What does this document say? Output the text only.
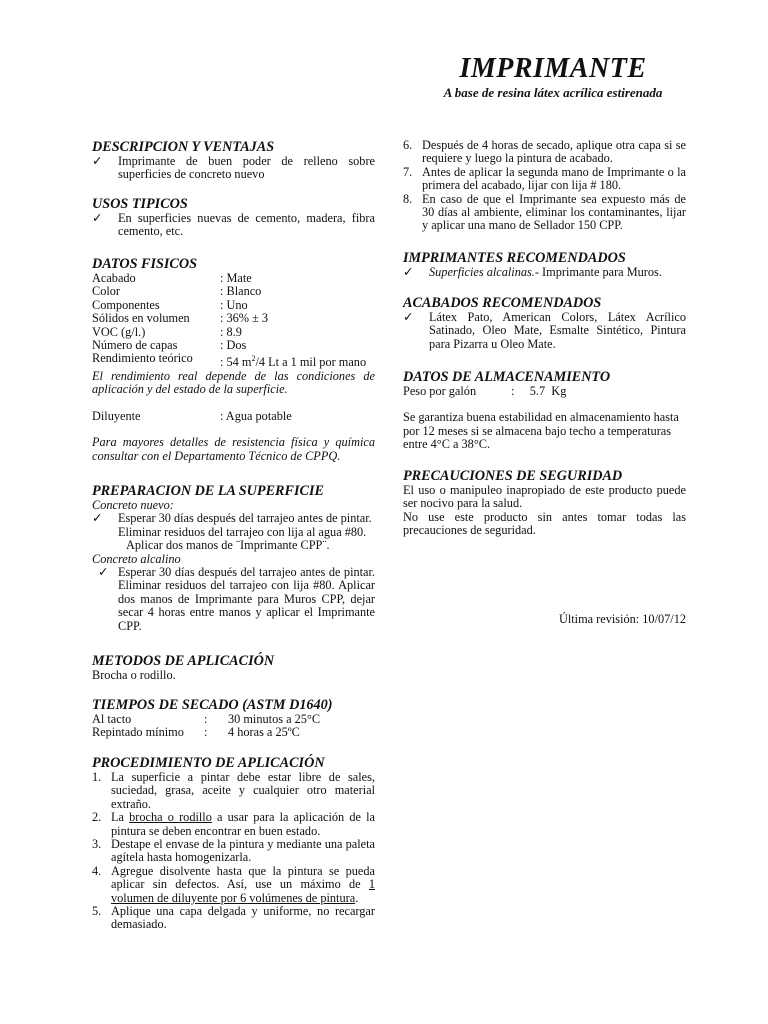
IMPRIMANTE
A base de resina látex acrílica estirenada
DESCRIPCION Y VENTAJAS
✓ Imprimante de buen poder de relleno sobre superficies de concreto nuevo
USOS TIPICOS
✓ En superficies nuevas de cemento, madera, fibra cemento, etc.
DATOS FISICOS
Acabado	: Mate
Color	: Blanco
Componentes	: Uno
Sólidos en volumen	: 36% ± 3
VOC (g/l.)	: 8.9
Número de capas	: Dos
Rendimiento teórico	: 54 $m^2/4$ Lt a 1 mil por mano
El rendimiento real depende de las condiciones de aplicación y del estado de la superficie.
Diluyente	: Agua potable
Para mayores detalles de resistencia física y química consultar con el Departamento Técnico de CPPQ.
PREPARACION DE LA SUPERFICIE
Concreto nuevo:
✓	Esperar 30 días después del tarrajeo antes de pintar.
Eliminar residuos del tarrajeo con lija al agua #80.
Aplicar dos manos de ¨Imprimante CPP¨.
Concreto alcalino
✓ Esperar 30 días después del tarrajeo antes de pintar. Eliminar residuos del tarrajeo con lija #80. Aplicar dos manos de Imprimante para Muros CPP, dejar secar 4 horas entre manos y aplicar el Imprimante CPP.
METODOS DE APLICACIÓN
Brocha o rodillo.
TIEMPOS DE SECADO (ASTM D1640)
Al tacto	:	30 minutos a 25°C
Repintado mínimo	:	4 horas a 25ºC
PROCEDIMIENTO DE APLICACIÓN
1. La superficie a pintar debe estar libre de sales, suciedad, grasa, aceite y cualquier otro material extraño.
2. La brocha o rodillo a usar para la aplicación de la pintura se deben encontrar en buen estado.
3. Destape el envase de la pintura y mediante una paleta agítela hasta homogenizarla.
4. Agregue disolvente hasta que la pintura se pueda aplicar sin defectos. Así, use un máximo de 1 volumen de diluyente por 6 volúmenes de pintura.
5. Aplique una capa delgada y uniforme, no recargar demasiado.
6. Después de 4 horas de secado, aplique otra capa si se requiere y luego la pintura de acabado.
7. Antes de aplicar la segunda mano de Imprimante o la primera del acabado, lijar con lija # 180.
8. En caso de que el Imprimante sea expuesto más de 30 días al ambiente, eliminar los contaminantes, lijar y aplicar una mano de Sellador 150 CPP.
IMPRIMANTES RECOMENDADOS
✓ Superficies alcalinas.- Imprimante para Muros.
ACABADOS RECOMENDADOS
✓ Látex Pato, American Colors, Látex Acrílico Satinado, Oleo Mate, Esmalte Sintético, Pintura para Pizarra u Oleo Mate.
DATOS DE ALMACENAMIENTO
Peso por galón	:     5.7  Kg
Se garantiza buena estabilidad en almacenamiento hasta por 12 meses si se almacena bajo techo a temperaturas entre 4°C a 38°C.
PRECAUCIONES DE SEGURIDAD
El uso o manipuleo inapropiado de este producto puede ser nocivo para la salud.
No use este producto sin antes tomar todas las precauciones de seguridad.
Última revisión: 10/07/12
